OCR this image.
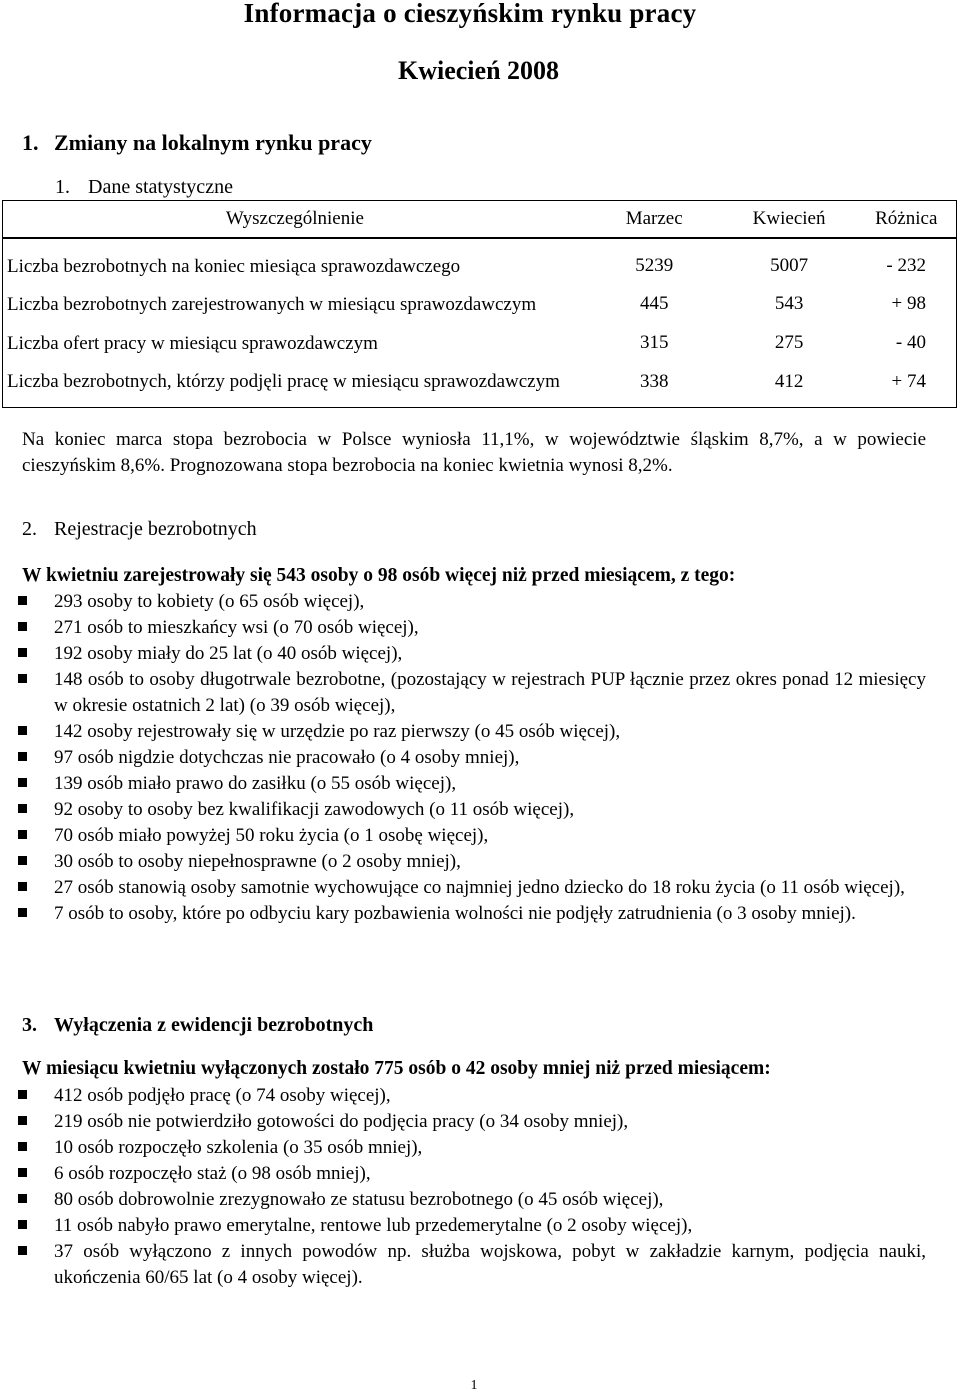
Informacja o cieszyńskim rynku pracy
Kwiecień 2008
1. Zmiany na lokalnym rynku pracy
1. Dane statystyczne
Wyszczególnienie	Marzec	Kwiecień	Różnica

Liczba bezrobotnych na koniec miesiąca sprawozdawczego	5239	5007	- 232
Liczba bezrobotnych zarejestrowanych w miesiącu sprawozdawczym	445	543	+ 98
Liczba ofert pracy w miesiącu sprawozdawczym	315	275	- 40
Liczba bezrobotnych, którzy podjęli pracę w miesiącu sprawozdawczym	338	412	+ 74

Na koniec marca stopa bezrobocia w Polsce wyniosła 11,1%, w województwie śląskim 8,7%, a w powiecie cieszyńskim 8,6%. Prognozowana stopa bezrobocia na koniec kwietnia wynosi 8,2%.

2. Rejestracje bezrobotnych
W kwietniu zarejestrowały się 543 osoby o 98 osób więcej niż przed miesiącem, z tego:
293 osoby to kobiety (o 65 osób więcej),
271 osób to mieszkańcy wsi (o 70 osób więcej),
192 osoby miały do 25 lat (o 40 osób więcej),
148 osób to osoby długotrwale bezrobotne, (pozostający w rejestrach PUP łącznie przez okres ponad 12 miesięcy w okresie ostatnich 2 lat) (o 39 osób więcej),
142 osoby rejestrowały się w urzędzie po raz pierwszy (o 45 osób więcej),
97 osób nigdzie dotychczas nie pracowało (o 4 osoby mniej),
139 osób miało prawo do zasiłku (o 55 osób więcej),
92 osoby to osoby bez kwalifikacji zawodowych (o 11 osób więcej),
70 osób miało powyżej 50 roku życia (o 1 osobę więcej),
30 osób to osoby niepełnosprawne (o 2 osoby mniej),
27 osób stanowią osoby samotnie wychowujące co najmniej jedno dziecko do 18 roku życia (o 11 osób więcej),
7 osób to osoby, które po odbyciu kary pozbawienia wolności nie podjęły zatrudnienia (o 3 osoby mniej).
3. Wyłączenia z ewidencji bezrobotnych
W miesiącu kwietniu wyłączonych zostało 775 osób o 42 osoby mniej niż przed miesiącem:
412 osób podjęło pracę (o 74 osoby więcej),
219 osób nie potwierdziło gotowości do podjęcia pracy (o 34 osoby mniej),
10 osób rozpoczęło szkolenia (o 35 osób mniej),
6 osób rozpoczęło staż (o 98 osób mniej),
80 osób dobrowolnie zrezygnowało ze statusu bezrobotnego (o 45 osób więcej),
11 osób nabyło prawo emerytalne, rentowe lub przedemerytalne (o 2 osoby więcej),
37 osób wyłączono z innych powodów np. służba wojskowa, pobyt w zakładzie karnym, podjęcia nauki, ukończenia 60/65 lat (o 4 osoby więcej).
1
